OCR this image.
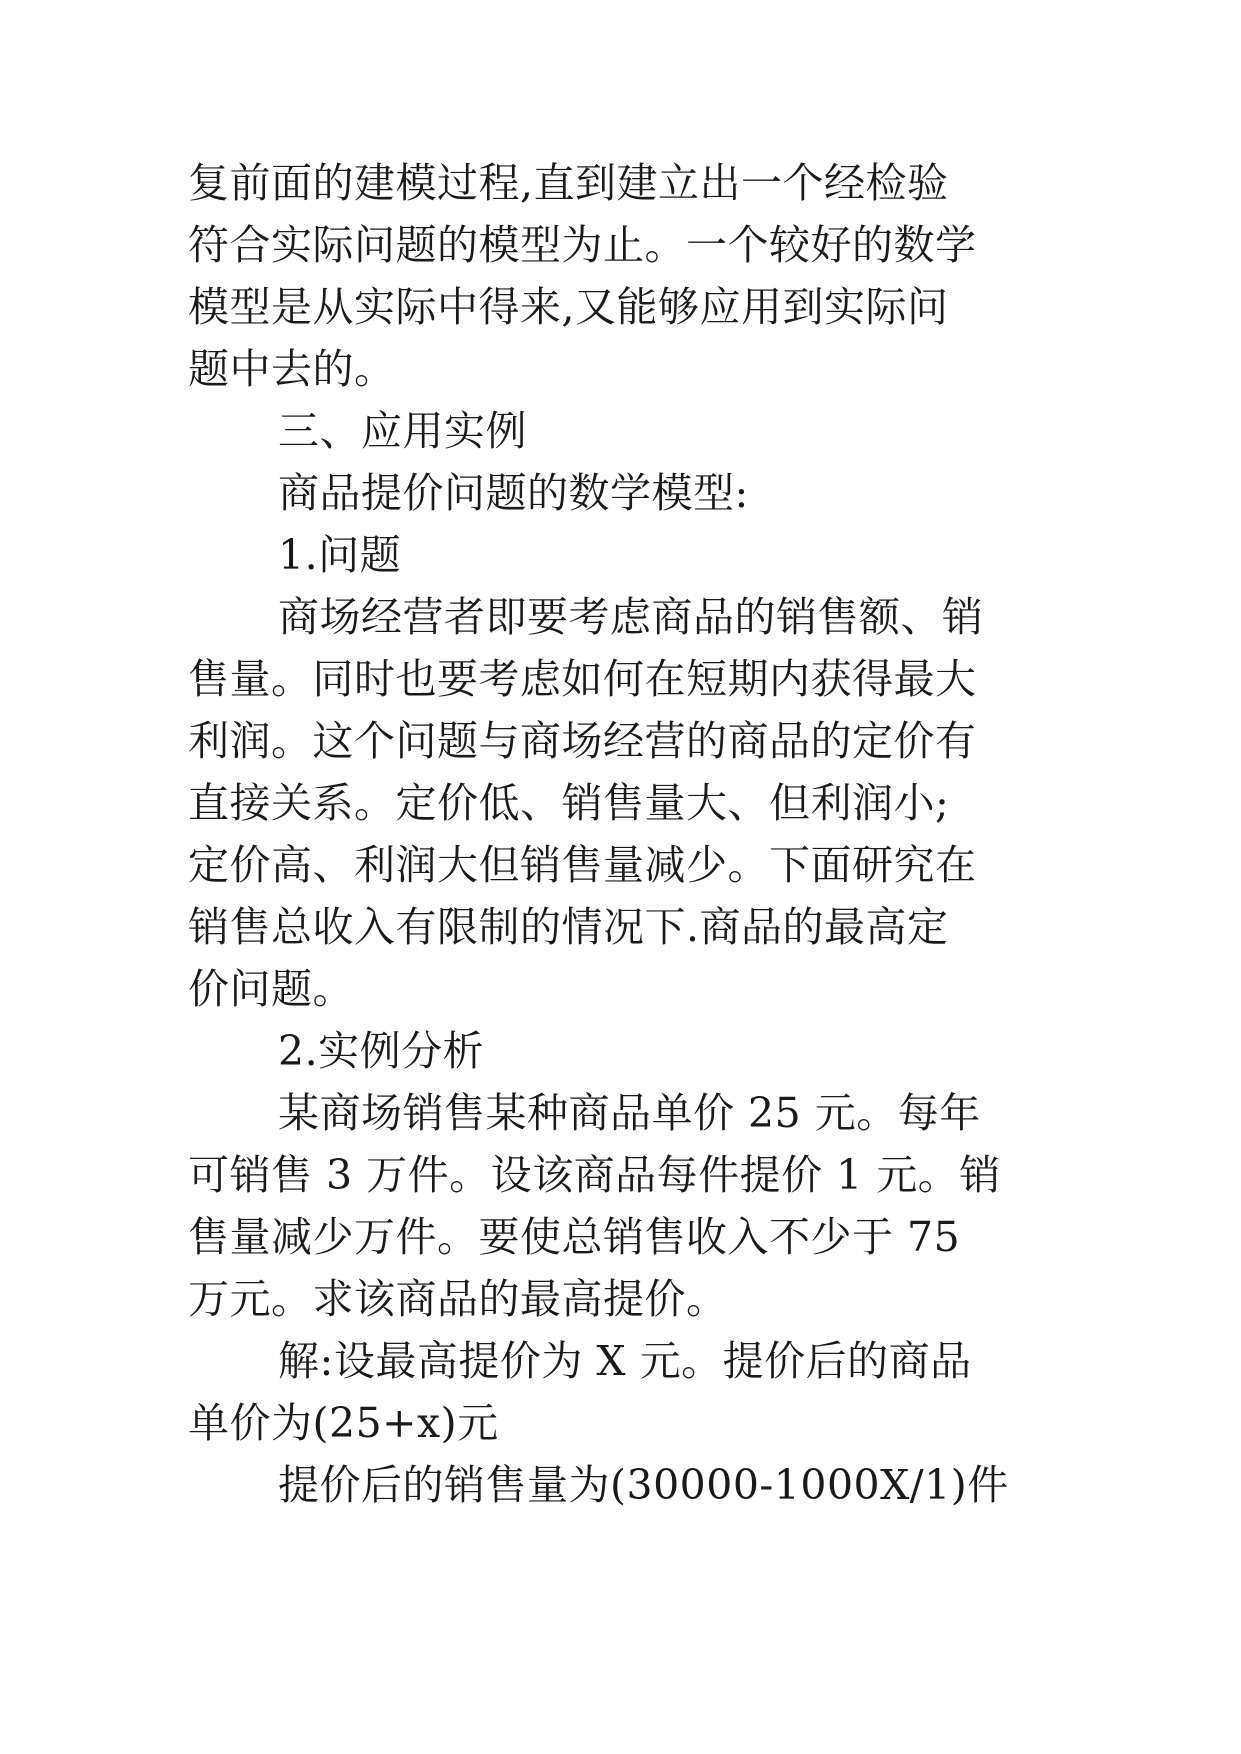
复前面的建模过程,直到建立出一个经检验
符合实际问题的模型为止。一个较好的数学
模型是从实际中得来,又能够应用到实际问
题中去的。
三、应用实例
商品提价问题的数学模型:
1.问题
商场经营者即要考虑商品的销售额、销
售量。同时也要考虑如何在短期内获得最大
利润。这个问题与商场经营的商品的定价有
直接关系。定价低、销售量大、但利润小;
定价高、利润大但销售量减少。下面研究在
销售总收入有限制的情况下.商品的最高定
价问题。
2.实例分析
某商场销售某种商品单价 25 元。每年
可销售 3 万件。设该商品每件提价 1 元。销
售量减少万件。要使总销售收入不少于 75
万元。求该商品的最高提价。
解:设最高提价为 X 元。提价后的商品
单价为(25+x)元
提价后的销售量为(30000-1000X/1)件
